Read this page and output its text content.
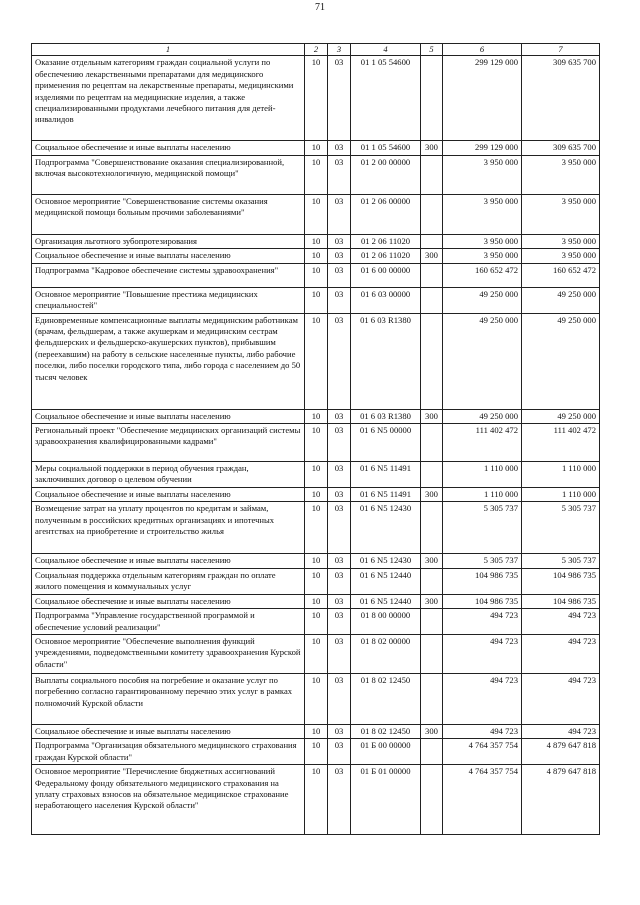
71
1	2	3	4	5	6	7
Оказание отдельным категориям граждан социальной услуги по обеспечению лекарственными препаратами для медицинского применения по рецептам на лекарственные препараты, медицинскими изделиями по рецептам на медицинские изделия, а также специализированными продуктами лечебного питания для детей-инвалидов	10	03	01 1 05 54600		299 129 000	309 635 700
Социальное обеспечение и иные выплаты населению	10	03	01 1 05 54600	300	299 129 000	309 635 700
Подпрограмма "Совершенствование оказания специализированной, включая высокотехнологичную, медицинской помощи"	10	03	01 2 00 00000		3 950 000	3 950 000
Основное мероприятие "Совершенствование системы оказания медицинской помощи больным прочими заболеваниями"	10	03	01 2 06 00000		3 950 000	3 950 000
Организация льготного зубопротезирования	10	03	01 2 06 11020		3 950 000	3 950 000
Социальное обеспечение и иные выплаты населению	10	03	01 2 06 11020	300	3 950 000	3 950 000
Подпрограмма "Кадровое обеспечение системы здравоохранения"	10	03	01 6 00 00000		160 652 472	160 652 472
Основное мероприятие "Повышение престижа медицинских специальностей"	10	03	01 6 03 00000		49 250 000	49 250 000
Единовременные компенсационные выплаты медицинским работникам (врачам, фельдшерам, а также акушеркам и медицинским сестрам фельдшерских и фельдшерско-акушерских пунктов), прибывшим (переехавшим) на работу в сельские населенные пункты, либо рабочие поселки, либо поселки городского типа, либо города с населением до 50 тысяч человек	10	03	01 6 03 R1380		49 250 000	49 250 000
Социальное обеспечение и иные выплаты населению	10	03	01 6 03 R1380	300	49 250 000	49 250 000
Региональный проект "Обеспечение медицинских организаций системы здравоохранения квалифицированными кадрами"	10	03	01 6 N5 00000		111 402 472	111 402 472
Меры социальной поддержки в период обучения граждан, заключивших договор о целевом обучении	10	03	01 6 N5 11491		1 110 000	1 110 000
Социальное обеспечение и иные выплаты населению	10	03	01 6 N5 11491	300	1 110 000	1 110 000
Возмещение затрат на уплату процентов по кредитам и займам, полученным в российских кредитных организациях и ипотечных агентствах на приобретение и строительство жилья	10	03	01 6 N5 12430		5 305 737	5 305 737
Социальное обеспечение и иные выплаты населению	10	03	01 6 N5 12430	300	5 305 737	5 305 737
Социальная поддержка отдельным категориям граждан по оплате жилого помещения и коммунальных услуг	10	03	01 6 N5 12440		104 986 735	104 986 735
Социальное обеспечение и иные выплаты населению	10	03	01 6 N5 12440	300	104 986 735	104 986 735
Подпрограмма "Управление государственной программой и обеспечение условий реализации"	10	03	01 8 00 00000		494 723	494 723
Основное мероприятие "Обеспечение выполнения функций учреждениями, подведомственными комитету здравоохранения Курской области"	10	03	01 8 02 00000		494 723	494 723
Выплаты социального пособия на погребение и оказание услуг по погребению согласно гарантированному перечню этих услуг в рамках полномочий Курской области	10	03	01 8 02 12450		494 723	494 723
Социальное обеспечение и иные выплаты населению	10	03	01 8 02 12450	300	494 723	494 723
Подпрограмма "Организация обязательного медицинского страхования граждан Курской области"	10	03	01 Б 00 00000		4 764 357 754	4 879 647 818
Основное мероприятие "Перечисление бюджетных ассигнований Федеральному фонду обязательного медицинского страхования на уплату страховых взносов на обязательное медицинское страхование неработающего населения Курской области"	10	03	01 Б 01 00000		4 764 357 754	4 879 647 818
